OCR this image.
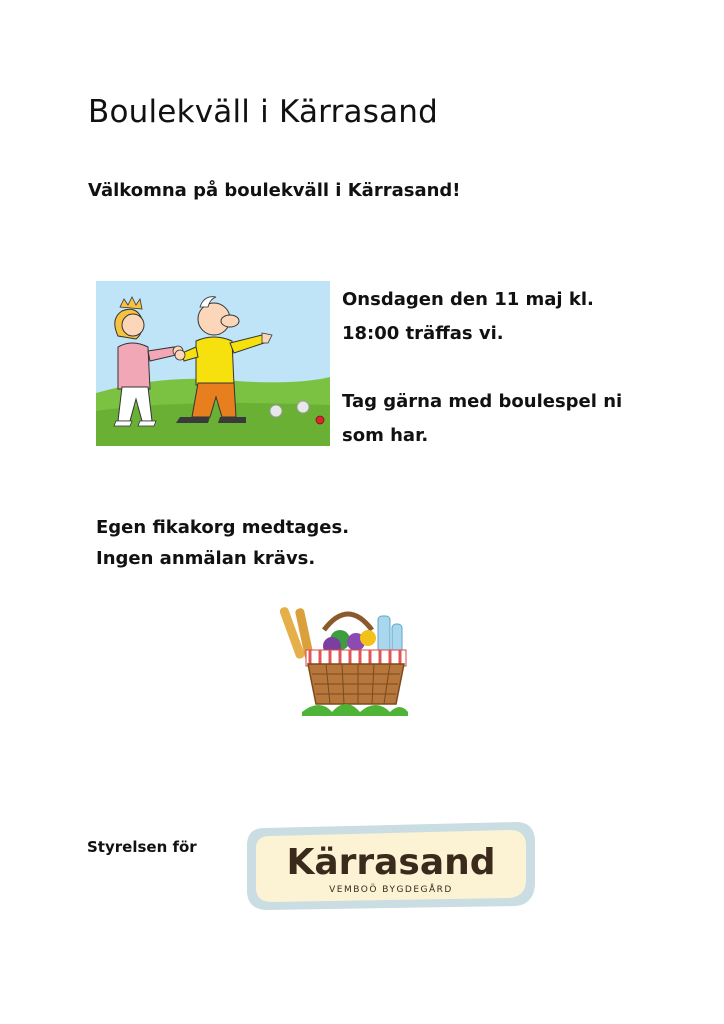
Boulekväll i Kärrasand
Välkomna på boulekväll i Kärrasand!

Onsdagen den 11 maj kl.

18:00 träffas vi.

Tag gärna med boulespel ni

som har.

Egen fikakorg medtages.

Ingen anmälan krävs.

Styrelsen för Kärrasand
VEMBOÖ BYGDEGÅRD
